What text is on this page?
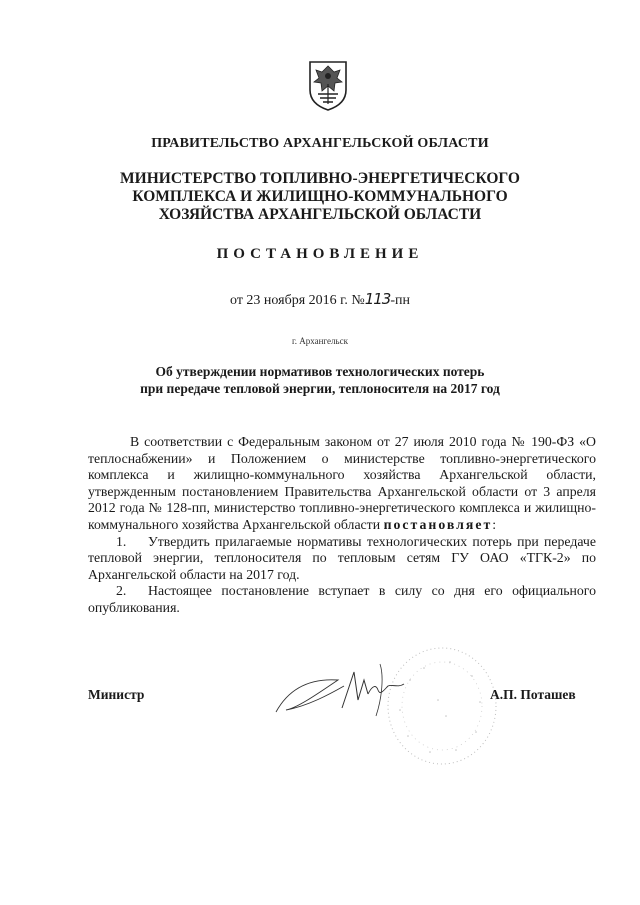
ПРАВИТЕЛЬСТВО АРХАНГЕЛЬСКОЙ ОБЛАСТИ
МИНИСТЕРСТВО ТОПЛИВНО-ЭНЕРГЕТИЧЕСКОГО
КОМПЛЕКСА И ЖИЛИЩНО-КОММУНАЛЬНОГО
ХОЗЯЙСТВА АРХАНГЕЛЬСКОЙ ОБЛАСТИ
ПОСТАНОВЛЕНИЕ
от 23 ноября 2016 г. №113-пн
г. Архангельск
Об утверждении нормативов технологических потерь
при передаче тепловой энергии, теплоносителя на 2017 год

В соответствии с Федеральным законом от 27 июля 2010 года № 190-ФЗ «О теплоснабжении» и Положением о министерстве топливно-энергетического комплекса и жилищно-коммунального хозяйства Архангельской области, утвержденным постановлением Правительства Архангельской области от 3 апреля 2012 года № 128-пп, министерство топливно-энергетического комплекса и жилищно-коммунального хозяйства Архангельской области постановляет:

1. Утвердить прилагаемые нормативы технологических потерь при передаче тепловой энергии, теплоносителя по тепловым сетям ГУ ОАО «ТГК-2» по Архангельской области на 2017 год.

2. Настоящее постановление вступает в силу со дня его официального опубликования.

Министр	А.П. Поташев
